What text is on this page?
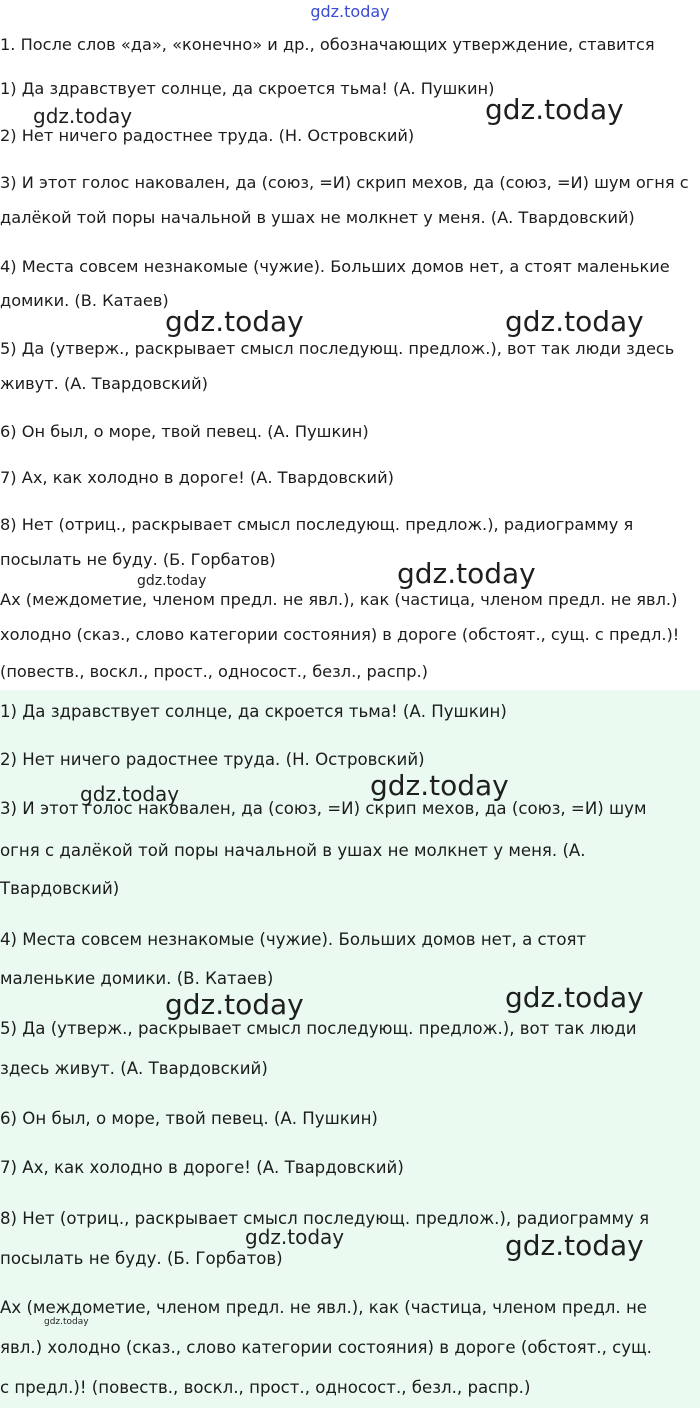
gdz.today
1. После слов «да», «конечно» и др., обозначающих утверждение, ставится
1) Да здравствует солнце, да скроется тьма! (А. Пушкин)
2) Нет ничего радостнее труда. (Н. Островский)
3) И этот голос наковален, да (союз, =И) скрип мехов, да (союз, =И) шум огня с
далёкой той поры начальной в ушах не молкнет у меня. (А. Твардовский)
4) Места совсем незнакомые (чужие). Больших домов нет, а стоят маленькие
домики. (В. Катаев)
5) Да (утверж., раскрывает смысл последующ. предлож.), вот так люди здесь
живут. (А. Твардовский)
6) Он был, о море, твой певец. (А. Пушкин)
7) Ах, как холодно в дороге! (А. Твардовский)
8) Нет (отриц., раскрывает смысл последующ. предлож.), радиограмму я
посылать не буду. (Б. Горбатов)
Ах (междометие, членом предл. не явл.), как (частица, членом предл. не явл.)
холодно (сказ., слово категории состояния) в дороге (обстоят., сущ. с предл.)!
(повеств., воскл., прост., односост., безл., распр.)
1) Да здравствует солнце, да скроется тьма! (А. Пушкин)
2) Нет ничего радостнее труда. (Н. Островский)
3) И этот голос наковален, да (союз, =И) скрип мехов, да (союз, =И) шум
огня с далёкой той поры начальной в ушах не молкнет у меня. (А.
Твардовский)
4) Места совсем незнакомые (чужие). Больших домов нет, а стоят
маленькие домики. (В. Катаев)
5) Да (утверж., раскрывает смысл последующ. предлож.), вот так люди
здесь живут. (А. Твардовский)
6) Он был, о море, твой певец. (А. Пушкин)
7) Ах, как холодно в дороге! (А. Твардовский)
8) Нет (отриц., раскрывает смысл последующ. предлож.), радиограмму я
посылать не буду. (Б. Горбатов)
Ах (междометие, членом предл. не явл.), как (частица, членом предл. не
явл.) холодно (сказ., слово категории состояния) в дороге (обстоят., сущ.
с предл.)! (повеств., воскл., прост., односост., безл., распр.)
gdz.today	gdz.today
gdz.today	gdz.today
gdz.today	gdz.today
gdz.today	gdz.today
gdz.today	gdz.today
gdz.today	gdz.today
gdz.today
